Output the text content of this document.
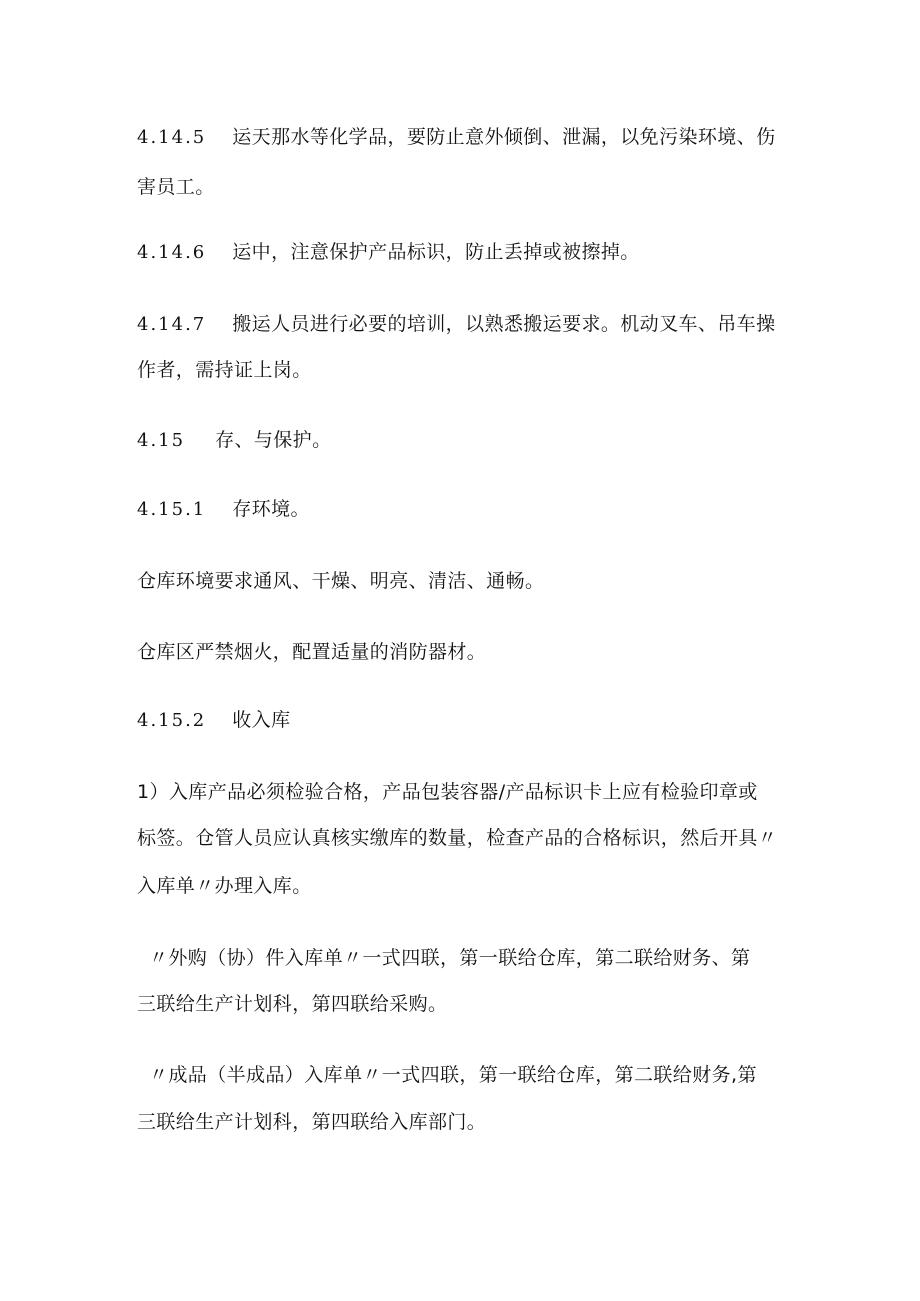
4.14.5 运天那水等化学品，要防止意外倾倒、泄漏，以免污染环境、伤
害员工。
4.14.6 运中，注意保护产品标识，防止丢掉或被擦掉。
4.14.7 搬运人员进行必要的培训，以熟悉搬运要求。机动叉车、吊车操
作者，需持证上岗。
4.15 存、与保护。
4.15.1 存环境。
仓库环境要求通风、干燥、明亮、清洁、通畅。
仓库区严禁烟火，配置适量的消防器材。
4.15.2 收入库
1）入库产品必须检验合格，产品包装容器/产品标识卡上应有检验印章或
标签。仓管人员应认真核实缴库的数量，检查产品的合格标识，然后开具〃
入库单〃办理入库。
〃外购（协）件入库单〃一式四联，第一联给仓库，第二联给财务、第
三联给生产计划科，第四联给采购。
〃成品（半成品）入库单〃一式四联，第一联给仓库，第二联给财务,第
三联给生产计划科，第四联给入库部门。
